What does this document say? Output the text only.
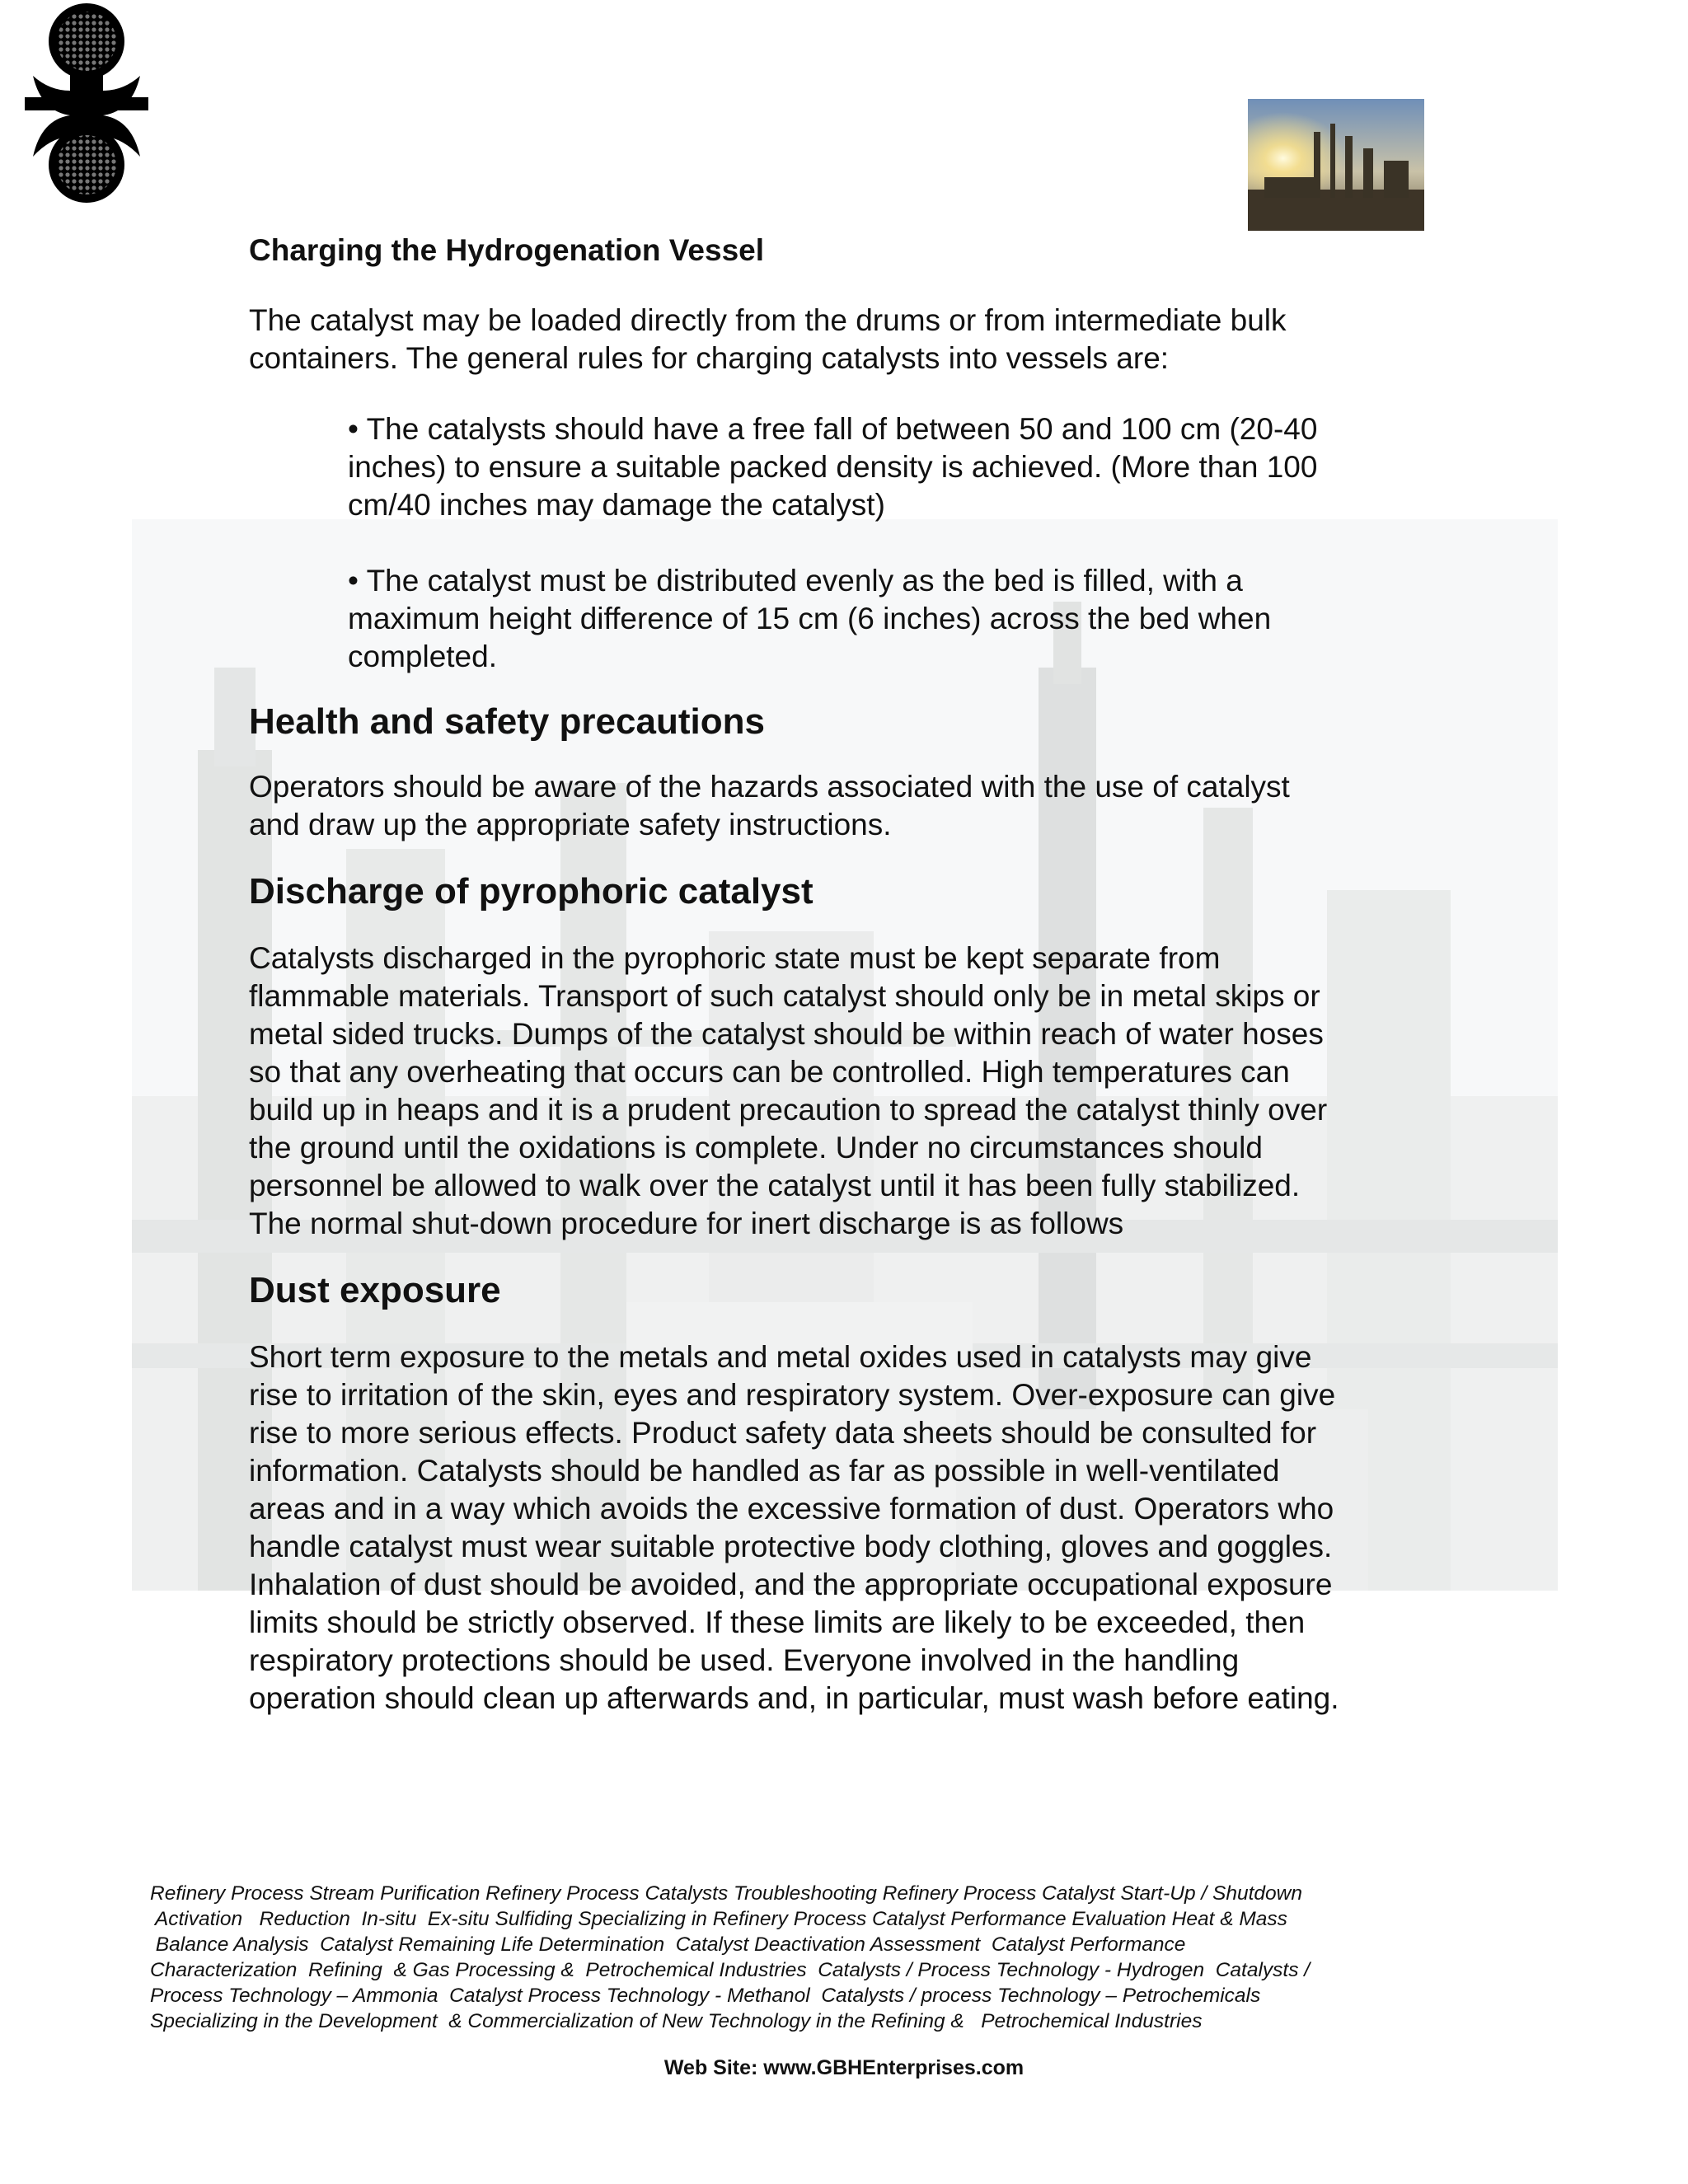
Charging the Hydrogenation Vessel

The catalyst may be loaded directly from the drums or from intermediate bulk
containers. The general rules for charging catalysts into vessels are:

• The catalysts should have a free fall of between 50 and 100 cm (20-40
inches) to ensure a suitable packed density is achieved. (More than 100
cm/40 inches may damage the catalyst)

• The catalyst must be distributed evenly as the bed is filled, with a
maximum height difference of 15 cm (6 inches) across the bed when
completed.

Health and safety precautions

Operators should be aware of the hazards associated with the use of catalyst
and draw up the appropriate safety instructions.

Discharge of pyrophoric catalyst

Catalysts discharged in the pyrophoric state must be kept separate from
flammable materials. Transport of such catalyst should only be in metal skips or
metal sided trucks. Dumps of the catalyst should be within reach of water hoses
so that any overheating that occurs can be controlled. High temperatures can
build up in heaps and it is a prudent precaution to spread the catalyst thinly over
the ground until the oxidations is complete. Under no circumstances should
personnel be allowed to walk over the catalyst until it has been fully stabilized.
The normal shut-down procedure for inert discharge is as follows

Dust exposure

Short term exposure to the metals and metal oxides used in catalysts may give
rise to irritation of the skin, eyes and respiratory system. Over-exposure can give
rise to more serious effects. Product safety data sheets should be consulted for
information. Catalysts should be handled as far as possible in well-ventilated
areas and in a way which avoids the excessive formation of dust. Operators who
handle catalyst must wear suitable protective body clothing, gloves and goggles.
Inhalation of dust should be avoided, and the appropriate occupational exposure
limits should be strictly observed. If these limits are likely to be exceeded, then
respiratory protections should be used. Everyone involved in the handling
operation should clean up afterwards and, in particular, must wash before eating.

Refinery Process Stream Purification Refinery Process Catalysts Troubleshooting Refinery Process Catalyst Start-Up / Shutdown
Activation   Reduction  In-situ  Ex-situ Sulfiding Specializing in Refinery Process Catalyst Performance Evaluation Heat & Mass
Balance Analysis  Catalyst Remaining Life Determination  Catalyst Deactivation Assessment  Catalyst Performance
Characterization  Refining  & Gas Processing &  Petrochemical Industries  Catalysts / Process Technology - Hydrogen  Catalysts /
Process Technology – Ammonia  Catalyst Process Technology - Methanol  Catalysts / process Technology – Petrochemicals
Specializing in the Development  & Commercialization of New Technology in the Refining &   Petrochemical Industries
Web Site: www.GBHEnterprises.com
